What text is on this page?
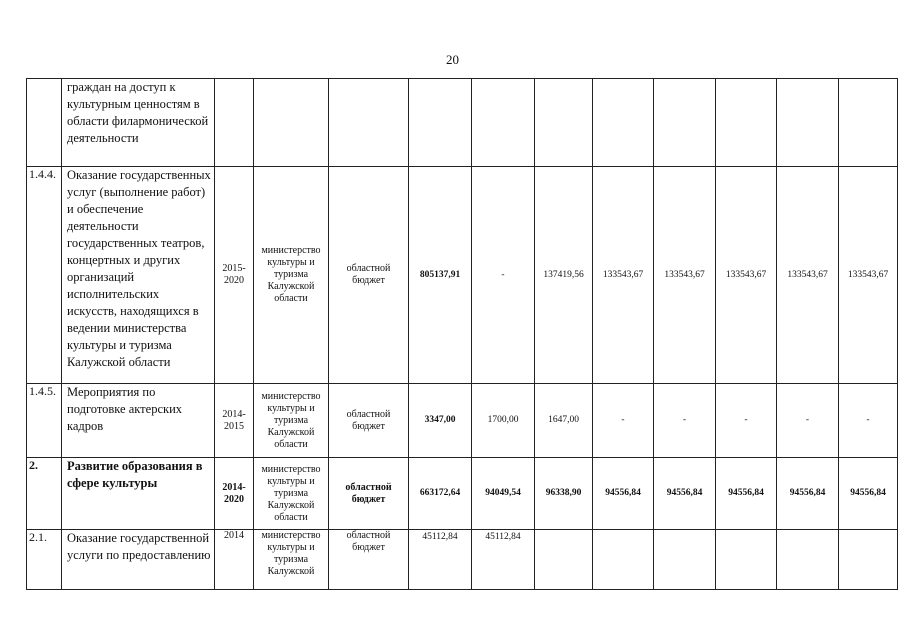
20
	граждан на доступ к культурным ценностям в области филармонической деятельности											
1.4.4.	Оказание государственных услуг (выполнение работ) и обеспечение деятельности государственных театров, концертных и других организаций исполнительских искусств, находящихся в ведении министерства культуры и туризма Калужской области	2015-2020	министерство культуры и туризма Калужской области	областной бюджет	805137,91	-	137419,56	133543,67	133543,67	133543,67	133543,67	133543,67
1.4.5.	Мероприятия по подготовке актерских кадров	2014-2015	министерство культуры и туризма Калужской области	областной бюджет	3347,00	1700,00	1647,00	-	-	-	-	-
2.	Развитие образования в сфере культуры	2014-2020	министерство культуры и туризма Калужской области	областной бюджет	663172,64	94049,54	96338,90	94556,84	94556,84	94556,84	94556,84	94556,84
2.1.	Оказание государственной услуги по предоставлению	2014	министерство культуры и туризма Калужской	областной бюджет	45112,84	45112,84						
